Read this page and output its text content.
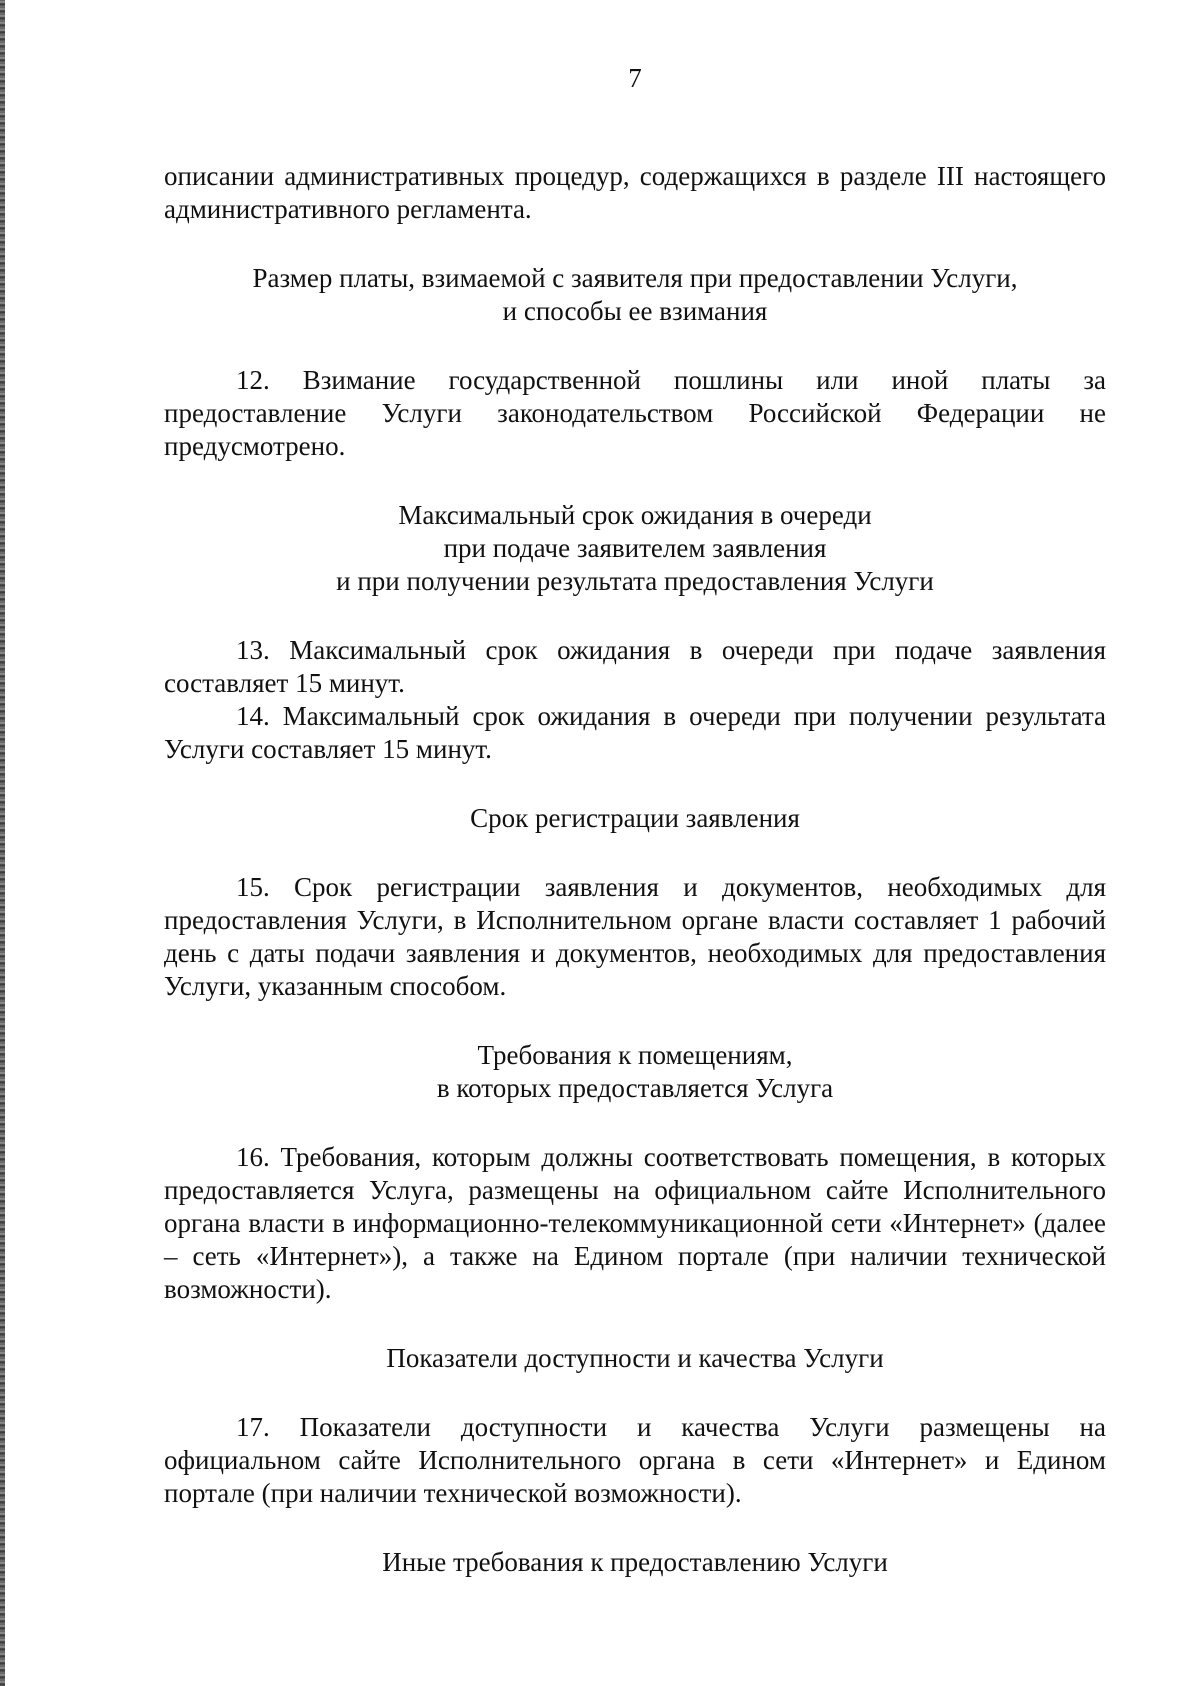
7

описании административных процедур, содержащихся в разделе III настоящего административного регламента.

Размер платы, взимаемой с заявителя при предоставлении Услуги,
и способы ее взимания

12. Взимание государственной пошлины или иной платы за предоставление Услуги законодательством Российской Федерации не предусмотрено.

Максимальный срок ожидания в очереди
при подаче заявителем заявления
и при получении результата предоставления Услуги

13. Максимальный срок ожидания в очереди при подаче заявления составляет 15 минут.

14. Максимальный срок ожидания в очереди при получении результата Услуги составляет 15 минут.

Срок регистрации заявления

15. Срок регистрации заявления и документов, необходимых для предоставления Услуги, в Исполнительном органе власти составляет 1 рабочий день с даты подачи заявления и документов, необходимых для предоставления Услуги, указанным способом.

Требования к помещениям,
в которых предоставляется Услуга

16. Требования, которым должны соответствовать помещения, в которых предоставляется Услуга, размещены на официальном сайте Исполнительного органа власти в информационно-телекоммуникационной сети «Интернет» (далее – сеть «Интернет»), а также на Едином портале (при наличии технической возможности).

Показатели доступности и качества Услуги

17. Показатели доступности и качества Услуги размещены на официальном сайте Исполнительного органа в сети «Интернет» и Едином портале (при наличии технической возможности).

Иные требования к предоставлению Услуги
